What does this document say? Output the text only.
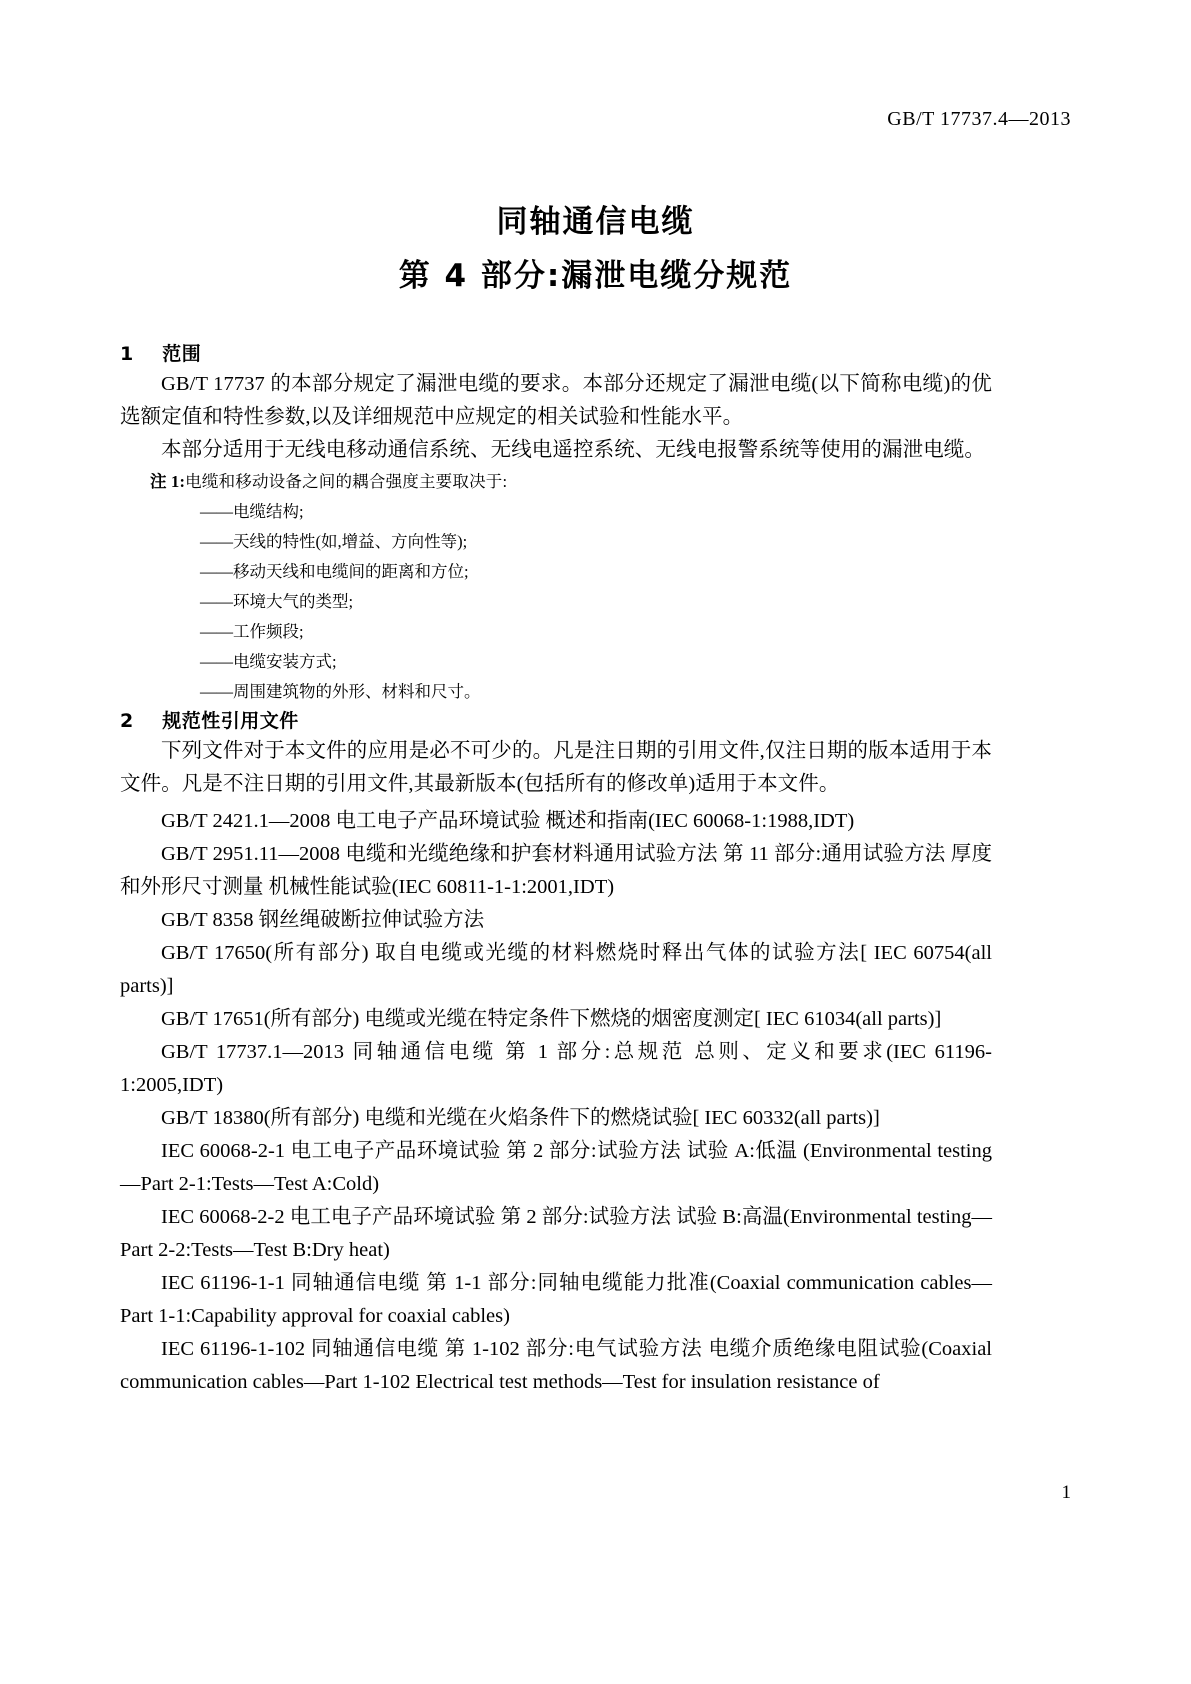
GB/T 17737.4—2013
同轴通信电缆
第 4 部分:漏泄电缆分规范
1 范围

GB/T 17737 的本部分规定了漏泄电缆的要求。本部分还规定了漏泄电缆(以下简称电缆)的优选额定值和特性参数,以及详细规范中应规定的相关试验和性能水平。

本部分适用于无线电移动通信系统、无线电遥控系统、无线电报警系统等使用的漏泄电缆。

注 1:电缆和移动设备之间的耦合强度主要取决于:

——电缆结构;
——天线的特性(如,增益、方向性等);
——移动天线和电缆间的距离和方位;
——环境大气的类型;
——工作频段;
——电缆安装方式;
——周围建筑物的外形、材料和尺寸。
2 规范性引用文件

下列文件对于本文件的应用是必不可少的。凡是注日期的引用文件,仅注日期的版本适用于本文件。凡是不注日期的引用文件,其最新版本(包括所有的修改单)适用于本文件。

GB/T 2421.1—2008 电工电子产品环境试验 概述和指南(IEC 60068-1:1988,IDT)

GB/T 2951.11—2008 电缆和光缆绝缘和护套材料通用试验方法 第 11 部分:通用试验方法 厚度和外形尺寸测量 机械性能试验(IEC 60811-1-1:2001,IDT)

GB/T 8358 钢丝绳破断拉伸试验方法

GB/T 17650(所有部分) 取自电缆或光缆的材料燃烧时释出气体的试验方法[ IEC 60754(all parts)]

GB/T 17651(所有部分) 电缆或光缆在特定条件下燃烧的烟密度测定[ IEC 61034(all parts)]

GB/T 17737.1—2013 同轴通信电缆 第 1 部分:总规范 总则、定义和要求(IEC 61196-1:2005,IDT)

GB/T 18380(所有部分) 电缆和光缆在火焰条件下的燃烧试验[ IEC 60332(all parts)]

IEC 60068-2-1 电工电子产品环境试验 第 2 部分:试验方法 试验 A:低温 (Environmental testing—Part 2-1:Tests—Test A:Cold)

IEC 60068-2-2 电工电子产品环境试验 第 2 部分:试验方法 试验 B:高温(Environmental testing—Part 2-2:Tests—Test B:Dry heat)

IEC 61196-1-1 同轴通信电缆 第 1-1 部分:同轴电缆能力批准(Coaxial communication cables—Part 1-1:Capability approval for coaxial cables)

IEC 61196-1-102 同轴通信电缆 第 1-102 部分:电气试验方法 电缆介质绝缘电阻试验(Coaxial communication cables—Part 1-102 Electrical test methods—Test for insulation resistance of

1
